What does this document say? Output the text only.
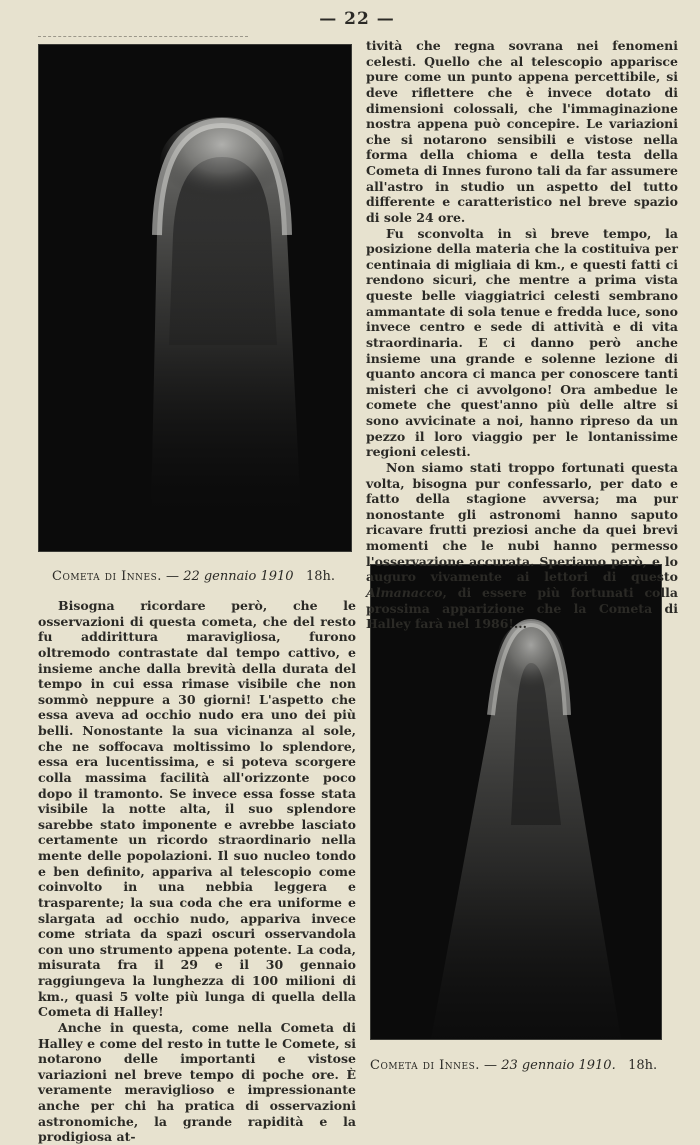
— 22 —
Cometa di Innes. — 22 gennaio 1910 18h.
Cometa di Innes. — 23 gennaio 1910. 18h.

tività che regna sovrana nei fenomeni celesti. Quello che al telescopio apparisce pure come un punto appena percettibile, si deve riflettere che è invece dotato di dimensioni colossali, che l'immaginazione nostra appena può concepire. Le variazioni che si notarono sensibili e vistose nella forma della chioma e della testa della Cometa di Innes furono tali da far assumere all'astro in studio un aspetto del tutto differente e caratteristico nel breve spazio di sole 24 ore.

Fu sconvolta in sì breve tempo, la posizione della materia che la costituiva per centinaia di migliaia di km., e questi fatti ci rendono sicuri, che mentre a prima vista queste belle viaggiatrici celesti sembrano ammantate di sola tenue e fredda luce, sono invece centro e sede di attività e di vita straordinaria. E ci danno però anche insieme una grande e solenne lezione di quanto ancora ci manca per conoscere tanti misteri che ci avvolgono! Ora ambedue le comete che quest'anno più delle altre si sono avvicinate a noi, hanno ripreso da un pezzo il loro viaggio per le lontanissime regioni celesti.

Non siamo stati troppo fortunati questa volta, bisogna pur confessarlo, per dato e fatto della stagione avversa; ma pur nonostante gli astronomi hanno saputo ricavare frutti preziosi anche da quei brevi momenti che le nubi hanno permesso l'osservazione accurata. Speriamo però, e lo auguro vivamente ai lettori di questo Almanacco, di essere più fortunati colla prossima apparizione che la Cometa di Halley farà nel 1986!...

Bisogna ricordare però, che le osservazioni di questa cometa, che del resto fu addirittura maravigliosa, furono oltremodo contrastate dal tempo cattivo, e insieme anche dalla brevità della durata del tempo in cui essa rimase visibile che non sommò neppure a 30 giorni! L'aspetto che essa aveva ad occhio nudo era uno dei più belli. Nonostante la sua vicinanza al sole, che ne soffocava moltissimo lo splendore, essa era lucentissima, e si poteva scorgere colla massima facilità all'orizzonte poco dopo il tramonto. Se invece essa fosse stata visibile la notte alta, il suo splendore sarebbe stato imponente e avrebbe lasciato certamente un ricordo straordinario nella mente delle popolazioni. Il suo nucleo tondo e ben definito, appariva al telescopio come coinvolto in una nebbia leggera e trasparente; la sua coda che era uniforme e slargata ad occhio nudo, appariva invece come striata da spazi oscuri osservandola con uno strumento appena potente. La coda, misurata fra il 29 e il 30 gennaio raggiungeva la lunghezza di 100 milioni di km., quasi 5 volte più lunga di quella della Cometa di Halley!

Anche in questa, come nella Cometa di Halley e come del resto in tutte le Comete, si notarono delle importanti e vistose variazioni nel breve tempo di poche ore. È veramente meraviglioso e impressionante anche per chi ha pratica di osservazioni astronomiche, la grande rapidità e la prodigiosa at-
